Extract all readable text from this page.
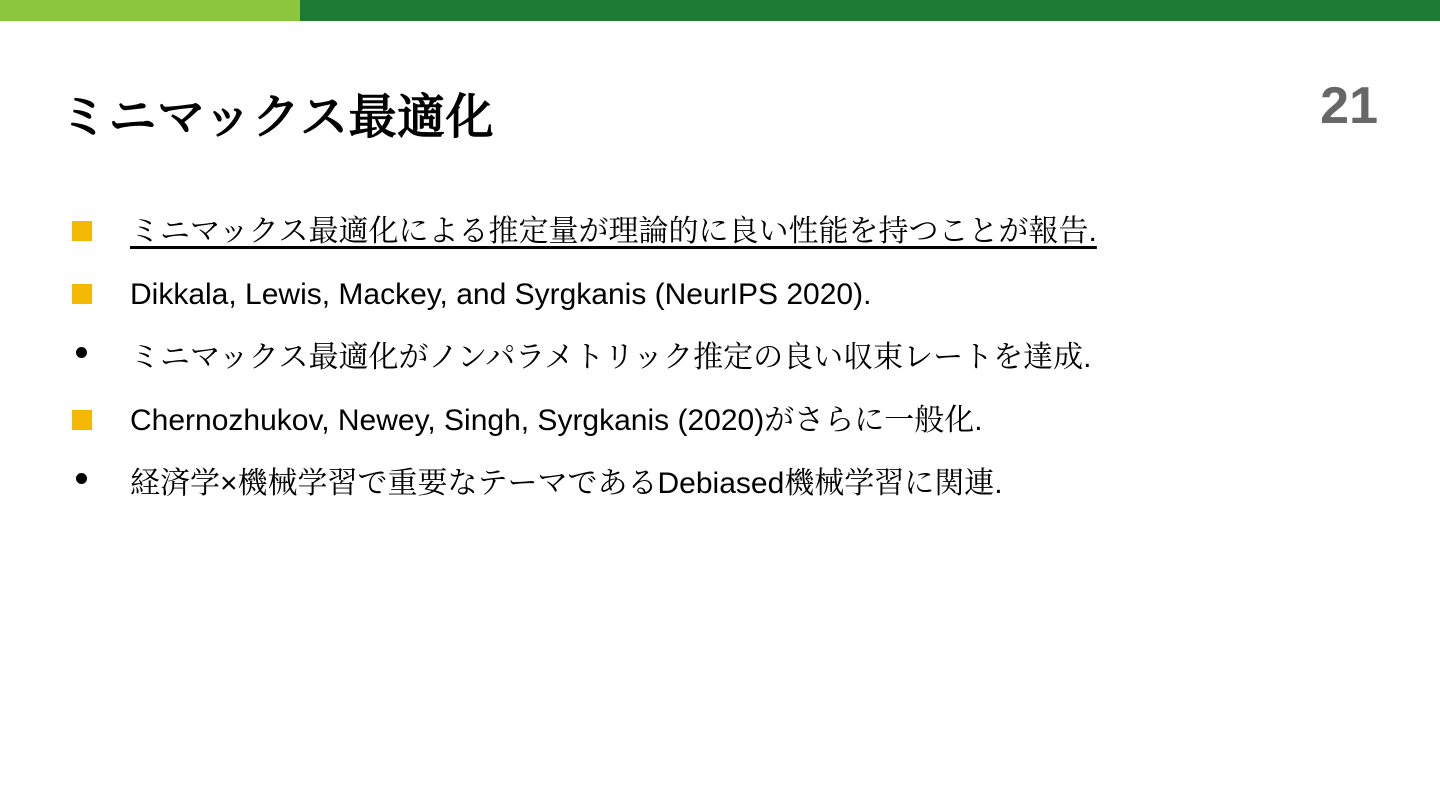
ミニマックス最適化	21
ミニマックス最適化による推定量が理論的に良い性能を持つことが報告.
Dikkala, Lewis, Mackey, and Syrgkanis (NeurIPS 2020).
ミニマックス最適化がノンパラメトリック推定の良い収束レートを達成.
Chernozhukov, Newey, Singh, Syrgkanis (2020)がさらに一般化.
経済学×機械学習で重要なテーマであるDebiased機械学習に関連.
